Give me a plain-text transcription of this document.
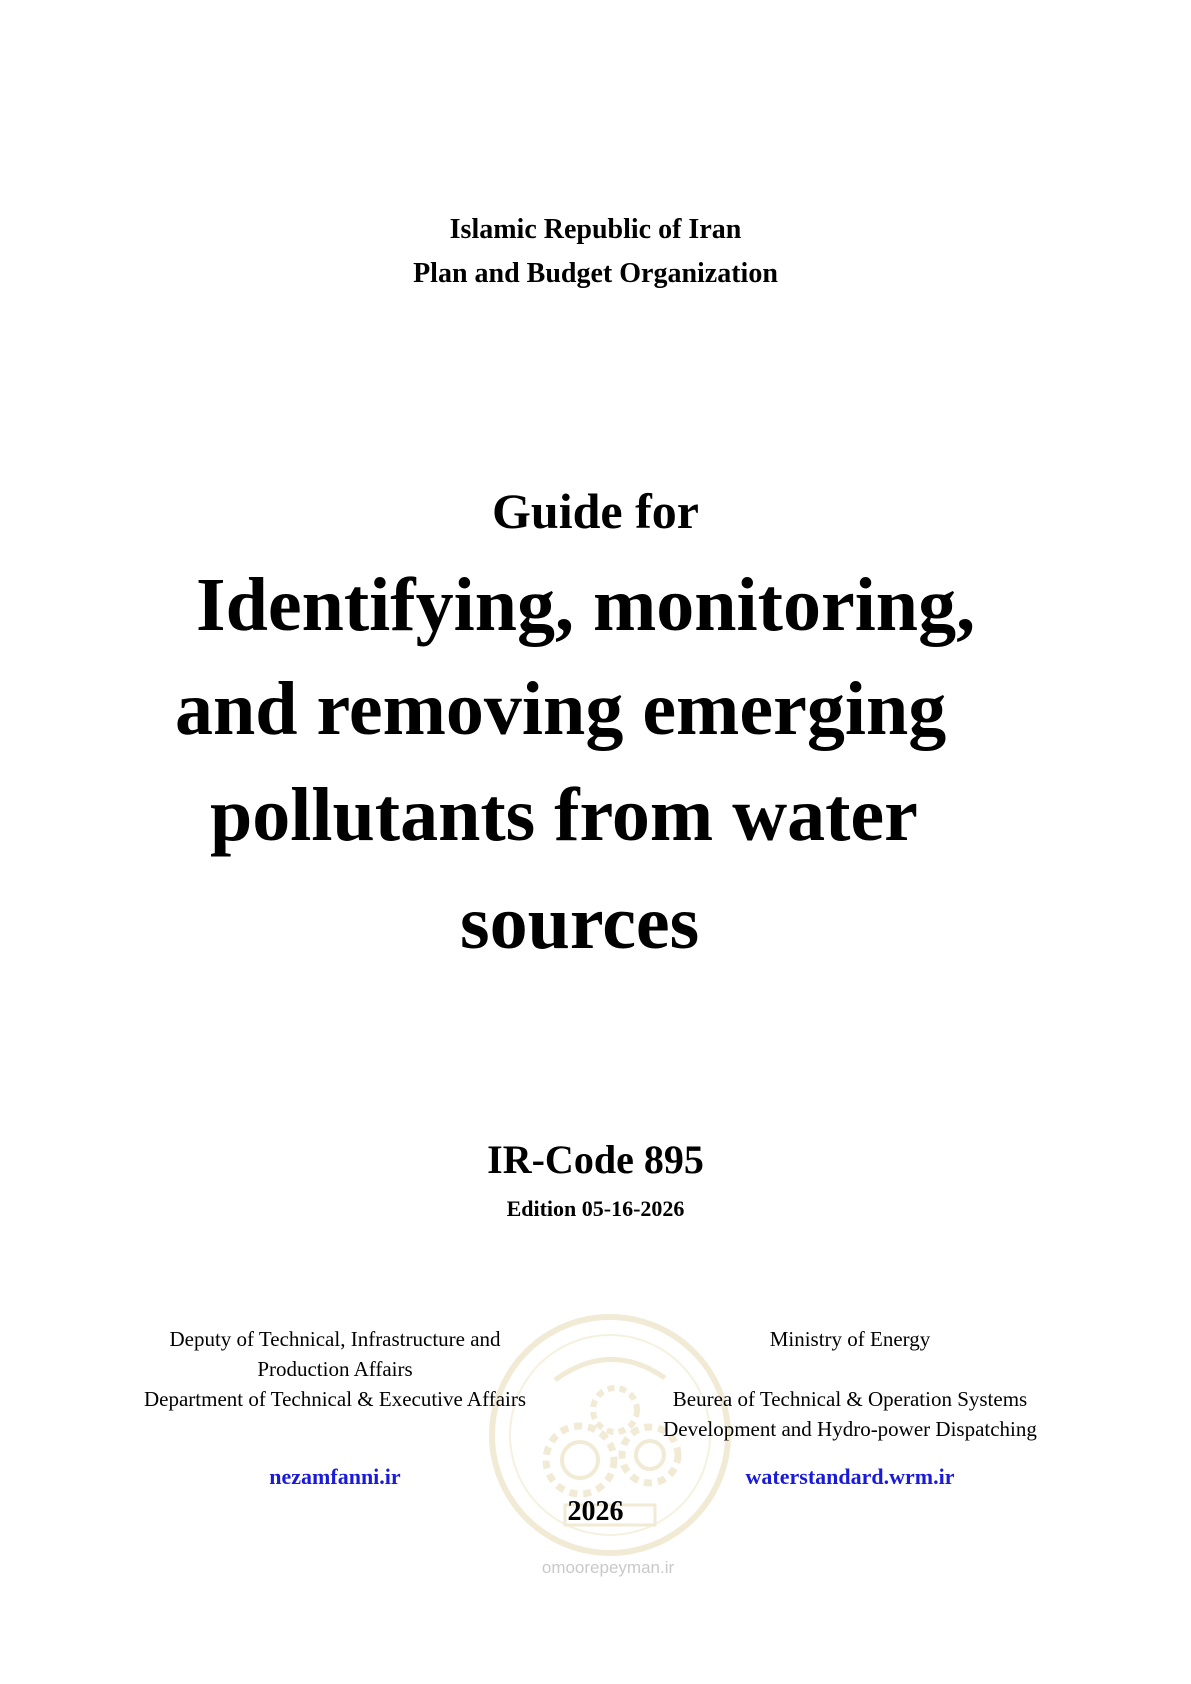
omoorepeyman.ir
Islamic Republic of Iran
Plan and Budget Organization
Guide for
Identifying, monitoring,
and removing emerging
pollutants from water
sources
IR-Code 895
Edition 05-16-2026
Deputy of Technical, Infrastructure and
Production Affairs
Department of Technical & Executive Affairs
Ministry of Energy
Beurea of Technical & Operation Systems
Development and Hydro-power Dispatching
nezamfanni.ir	waterstandard.wrm.ir
2026
